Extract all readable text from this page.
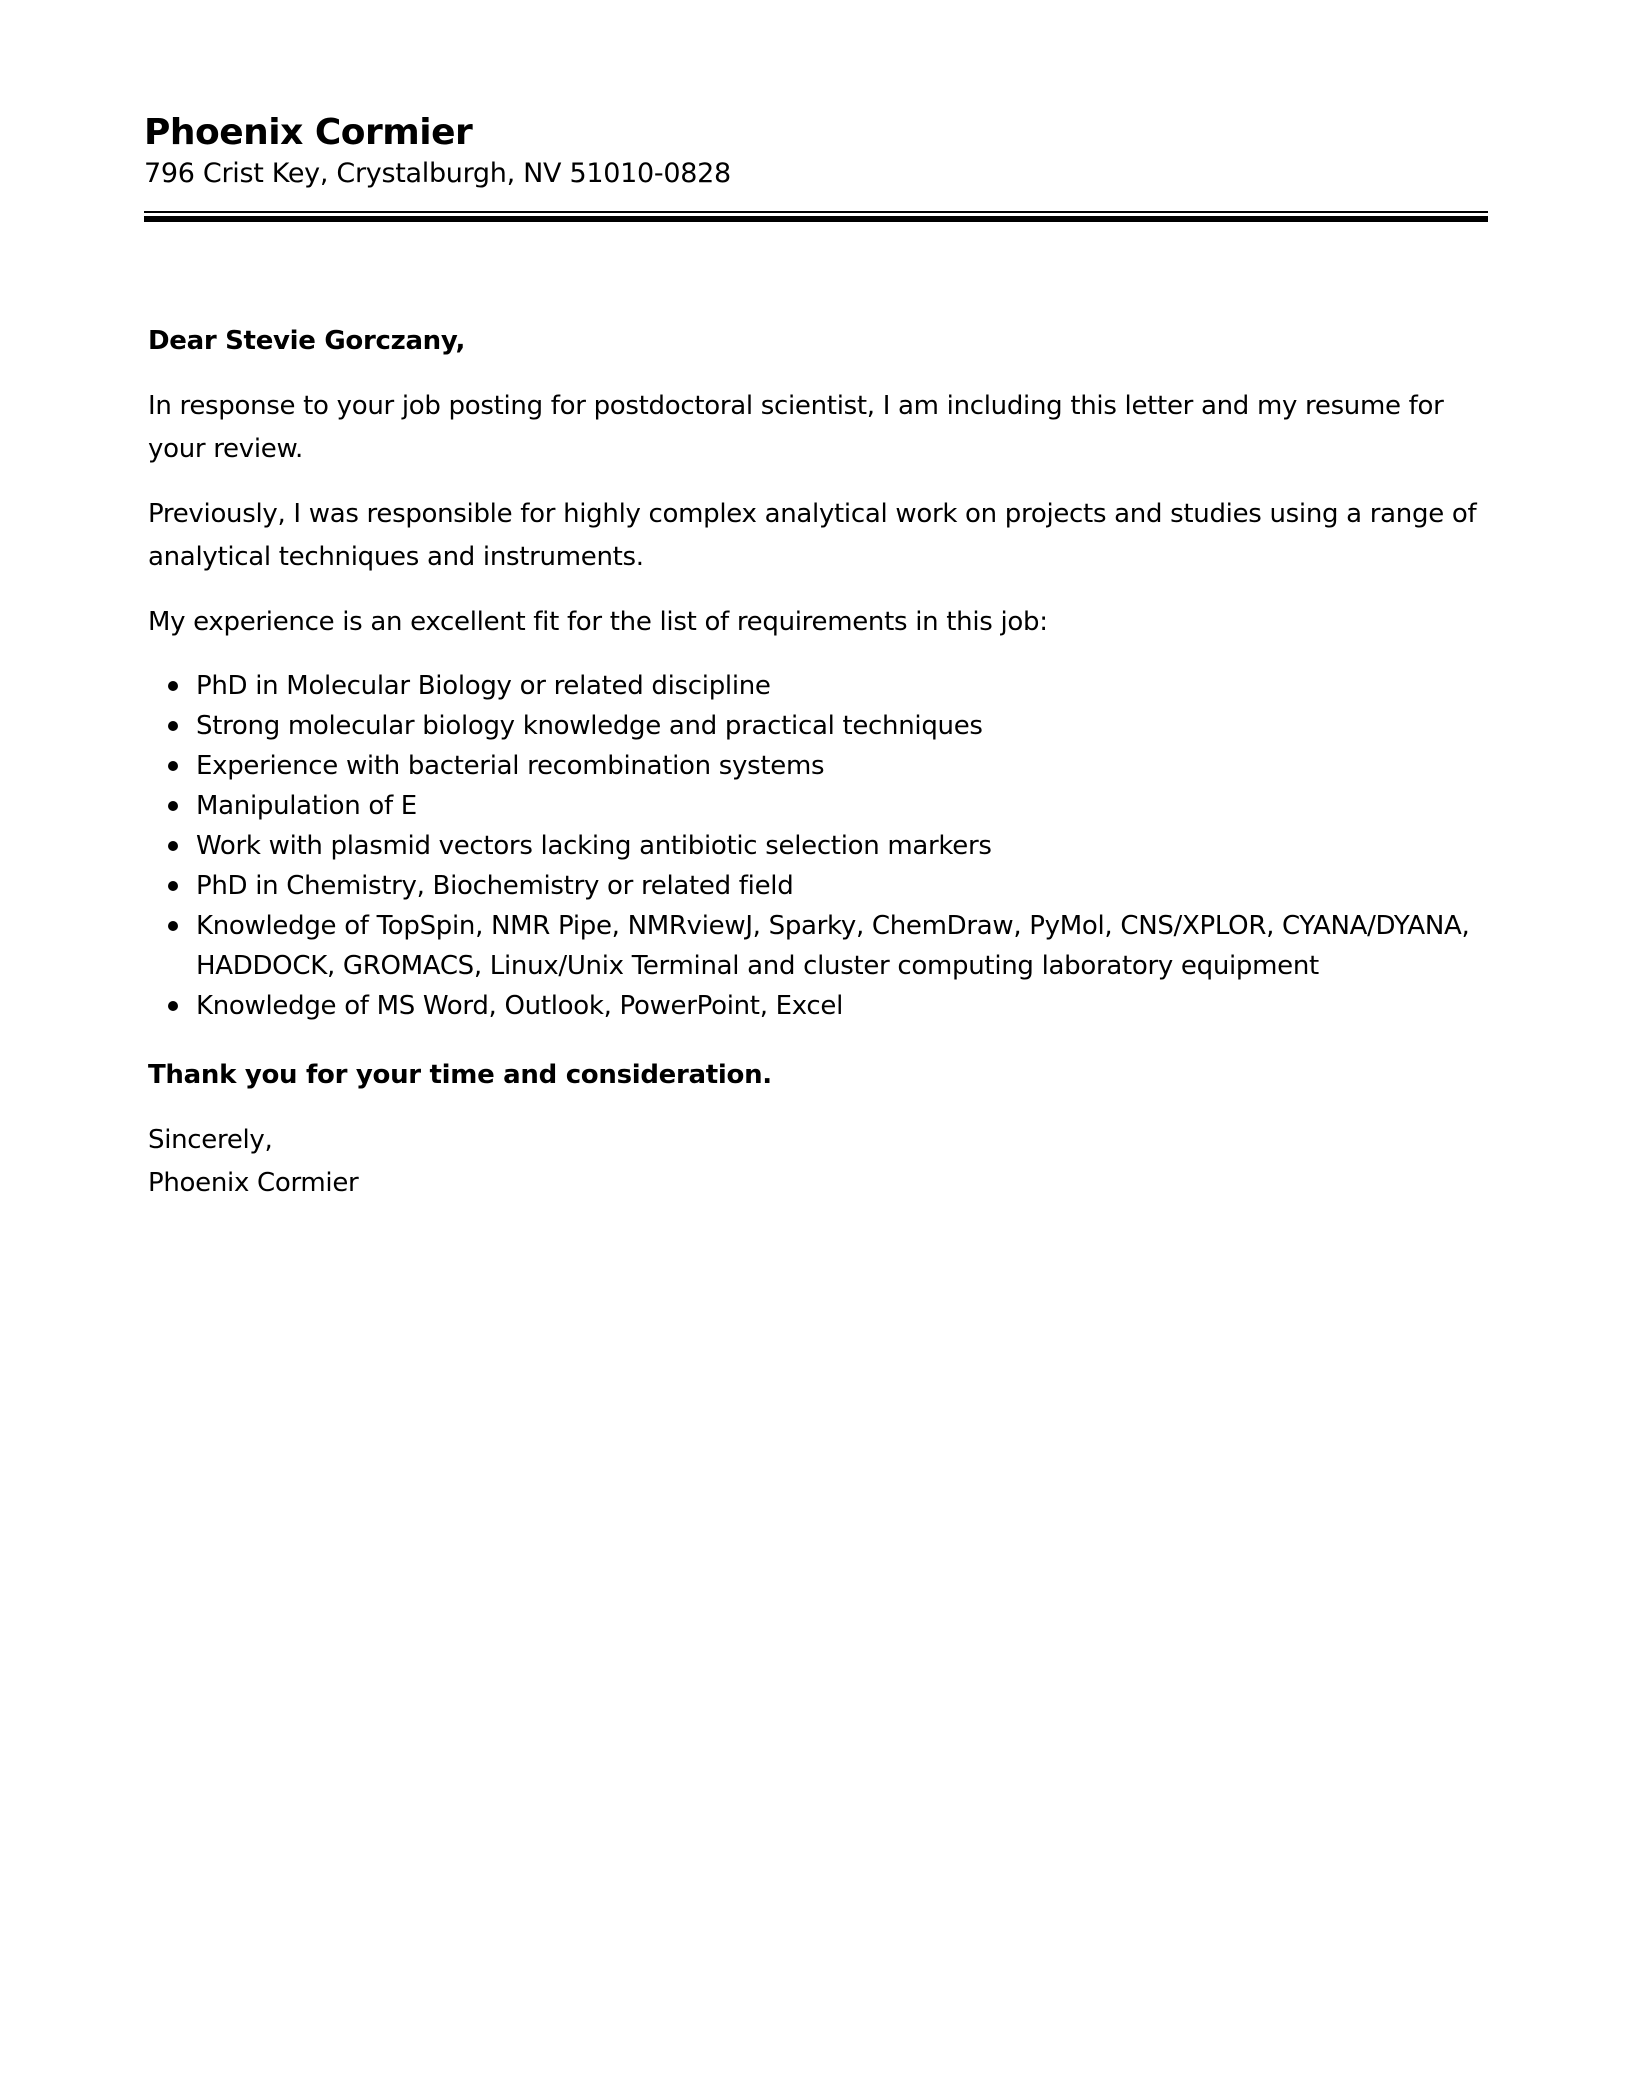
Phoenix Cormier

796 Crist Key, Crystalburgh, NV 51010-0828

Dear Stevie Gorczany,

In response to your job posting for postdoctoral scientist, I am including this letter and my resume for your review.

Previously, I was responsible for highly complex analytical work on projects and studies using a range of analytical techniques and instruments.

My experience is an excellent fit for the list of requirements in this job:

PhD in Molecular Biology or related discipline
Strong molecular biology knowledge and practical techniques
Experience with bacterial recombination systems
Manipulation of E
Work with plasmid vectors lacking antibiotic selection markers
PhD in Chemistry, Biochemistry or related field
Knowledge of TopSpin, NMR Pipe, NMRviewJ, Sparky, ChemDraw, PyMol, CNS/XPLOR, CYANA/DYANA, HADDOCK, GROMACS, Linux/Unix Terminal and cluster computing laboratory equipment
Knowledge of MS Word, Outlook, PowerPoint, Excel

Thank you for your time and consideration.

Sincerely,

Phoenix Cormier
